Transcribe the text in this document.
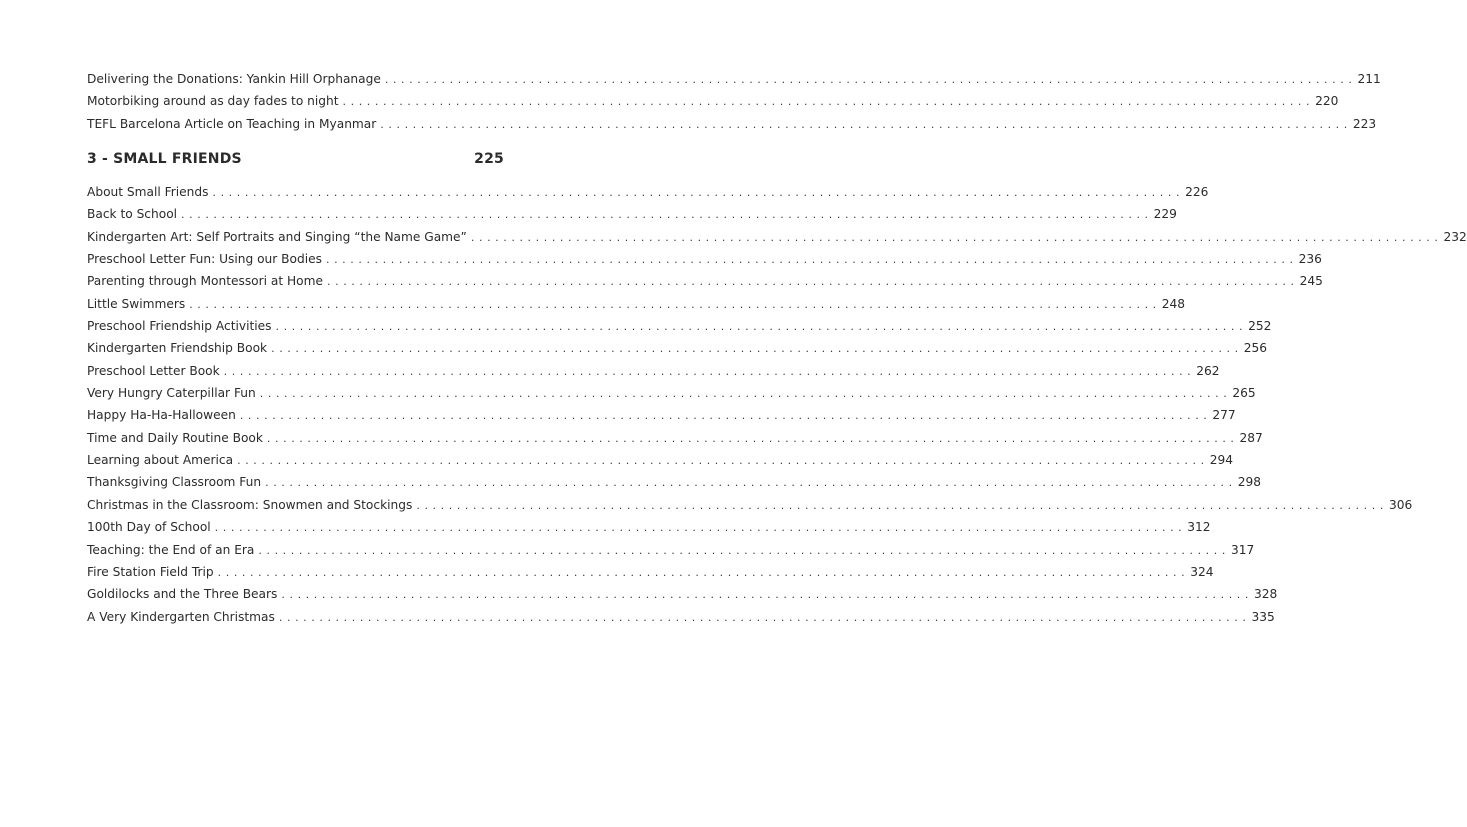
Delivering the Donations: Yankin Hill Orphanage ........................................................................................................................ 211
Motorbiking around as day fades to night ........................................................................................................................ 220
TEFL Barcelona Article on Teaching in Myanmar ........................................................................................................................ 223
3 - SMALL FRIENDS	225
About Small Friends ........................................................................................................................ 226
Back to School ........................................................................................................................ 229
Kindergarten Art: Self Portraits and Singing “the Name Game” ........................................................................................................................ 232
Preschool Letter Fun: Using our Bodies ........................................................................................................................ 236
Parenting through Montessori at Home ........................................................................................................................ 245
Little Swimmers ........................................................................................................................ 248
Preschool Friendship Activities ........................................................................................................................ 252
Kindergarten Friendship Book ........................................................................................................................ 256
Preschool Letter Book ........................................................................................................................ 262
Very Hungry Caterpillar Fun ........................................................................................................................ 265
Happy Ha-Ha-Halloween ........................................................................................................................ 277
Time and Daily Routine Book ........................................................................................................................ 287
Learning about America ........................................................................................................................ 294
Thanksgiving Classroom Fun ........................................................................................................................ 298
Christmas in the Classroom: Snowmen and Stockings ........................................................................................................................ 306
100th Day of School ........................................................................................................................ 312
Teaching: the End of an Era ........................................................................................................................ 317
Fire Station Field Trip ........................................................................................................................ 324
Goldilocks and the Three Bears ........................................................................................................................ 328
A Very Kindergarten Christmas ........................................................................................................................ 335
